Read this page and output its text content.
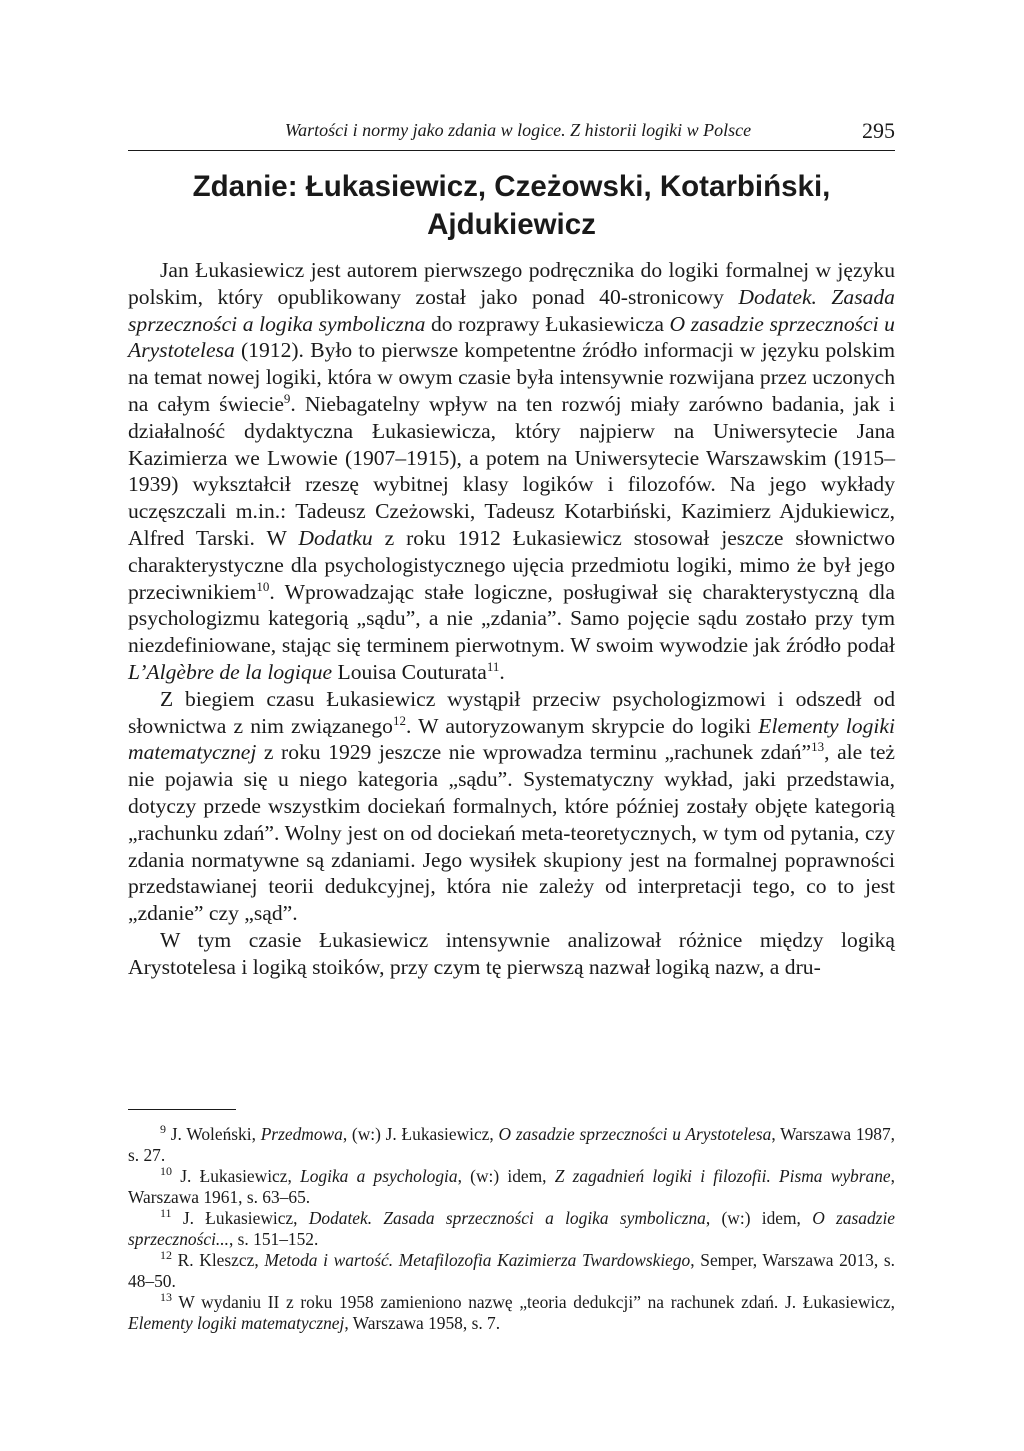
Wartości i normy jako zdania w logice. Z historii logiki w Polsce	295
Zdanie: Łukasiewicz, Czeżowski, Kotarbiński,
Ajdukiewicz

Jan Łukasiewicz jest autorem pierwszego podręcznika do logiki formalnej w języku polskim, który opublikowany został jako ponad 40-stronicowy Dodatek. Zasada sprzeczności a logika symboliczna do rozprawy Łukasiewicza O zasadzie sprzeczności u Arystotelesa (1912). Było to pierwsze kompetentne źródło informacji w języku polskim na temat nowej logiki, która w owym czasie była intensywnie rozwijana przez uczonych na całym świecie$^9$. Niebagatelny wpływ na ten rozwój miały zarówno badania, jak i działalność dydaktyczna Łukasiewicza, który najpierw na Uniwersytecie Jana Kazimierza we Lwowie (1907–1915), a potem na Uniwersytecie Warszawskim (1915–1939) wykształcił rzeszę wybitnej klasy logików i filozofów. Na jego wykłady uczęszczali m.in.: Tadeusz Czeżowski, Tadeusz Kotarbiński, Kazimierz Ajdukiewicz, Alfred Tarski. W Dodatku z roku 1912 Łukasiewicz stosował jeszcze słownictwo charakterystyczne dla psychologistycznego ujęcia przedmiotu logiki, mimo że był jego przeciwnikiem$^{10}$. Wprowadzając stałe logiczne, posługiwał się charakterystyczną dla psychologizmu kategorią „sądu”, a nie „zdania”. Samo pojęcie sądu zostało przy tym niezdefiniowane, stając się terminem pierwotnym. W swoim wywodzie jak źródło podał L’Algèbre de la logique Louisa Couturata$^{11}$.

Z biegiem czasu Łukasiewicz wystąpił przeciw psychologizmowi i odszedł od słownictwa z nim związanego$^{12}$. W autoryzowanym skrypcie do logiki Elementy logiki matematycznej z roku 1929 jeszcze nie wprowadza terminu „rachunek zdań”$^{13}$, ale też nie pojawia się u niego kategoria „sądu”. Systematyczny wykład, jaki przedstawia, dotyczy przede wszystkim dociekań formalnych, które później zostały objęte kategorią „rachunku zdań”. Wolny jest on od dociekań meta-teoretycznych, w tym od pytania, czy zdania normatywne są zdaniami. Jego wysiłek skupiony jest na formalnej poprawności przedstawianej teorii dedukcyjnej, która nie zależy od interpretacji tego, co to jest „zdanie” czy „sąd”.

W tym czasie Łukasiewicz intensywnie analizował różnice między logiką Arystotelesa i logiką stoików, przy czym tę pierwszą nazwał logiką nazw, a dru-

$^9$ J. Woleński, Przedmowa, (w:) J. Łukasiewicz, O zasadzie sprzeczności u Arystotelesa, Warszawa 1987, s. 27.

$^{10}$ J. Łukasiewicz, Logika a psychologia, (w:) idem, Z zagadnień logiki i filozofii. Pisma wybrane, Warszawa 1961, s. 63–65.

$^{11}$ J. Łukasiewicz, Dodatek. Zasada sprzeczności a logika symboliczna, (w:) idem, O zasadzie sprzeczności..., s. 151–152.

$^{12}$ R. Kleszcz, Metoda i wartość. Metafilozofia Kazimierza Twardowskiego, Semper, Warszawa 2013, s. 48–50.

$^{13}$ W wydaniu II z roku 1958 zamieniono nazwę „teoria dedukcji” na rachunek zdań. J. Łukasiewicz, Elementy logiki matematycznej, Warszawa 1958, s. 7.
